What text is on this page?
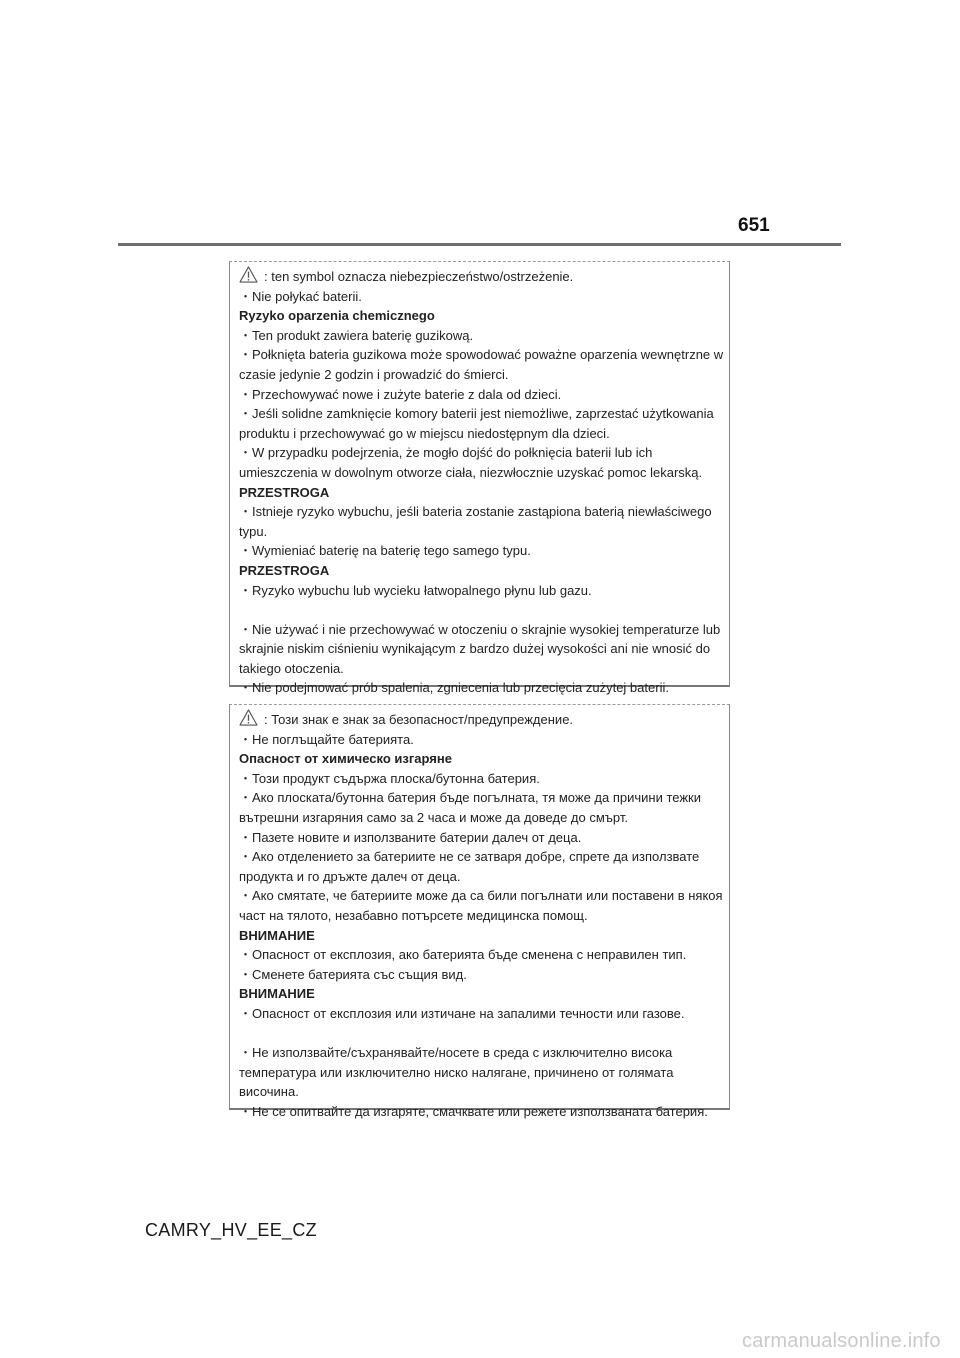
651
: ten symbol oznacza niebezpieczeństwo/ostrzeżenie.
・Nie połykać baterii.
Ryzyko oparzenia chemicznego
・Ten produkt zawiera baterię guzikową.
・Połknięta bateria guzikowa może spowodować poważne oparzenia wewnętrzne w
czasie jedynie 2 godzin i prowadzić do śmierci.
・Przechowywać nowe i zużyte baterie z dala od dzieci.
・Jeśli solidne zamknięcie komory baterii jest niemożliwe, zaprzestać użytkowania
produktu i przechowywać go w miejscu niedostępnym dla dzieci.
・W przypadku podejrzenia, że mogło dojść do połknięcia baterii lub ich
umieszczenia w dowolnym otworze ciała, niezwłocznie uzyskać pomoc lekarską.
PRZESTROGA
・Istnieje ryzyko wybuchu, jeśli bateria zostanie zastąpiona baterią niewłaściwego
typu.
・Wymieniać baterię na baterię tego samego typu.
PRZESTROGA
・Ryzyko wybuchu lub wycieku łatwopalnego płynu lub gazu.
・Nie używać i nie przechowywać w otoczeniu o skrajnie wysokiej temperaturze lub
skrajnie niskim ciśnieniu wynikającym z bardzo dużej wysokości ani nie wnosić do
takiego otoczenia.
・Nie podejmować prób spalenia, zgniecenia lub przecięcia zużytej baterii.
: Този знак е знак за безопасност/предупреждение.
・Не поглъщайте батерията.
Опасност от химическо изгаряне
・Този продукт съдържа плоска/бутонна батерия.
・Ако плоската/бутонна батерия бъде погълната, тя може да причини тежки
вътрешни изгаряния само за 2 часа и може да доведе до смърт.
・Пазете новите и използваните батерии далеч от деца.
・Ако отделението за батериите не се затваря добре, спрете да използвате
продукта и го дръжте далеч от деца.
・Ако смятате, че батериите може да са били погълнати или поставени в някоя
част на тялото, незабавно потърсете медицинска помощ.
ВНИМАНИЕ
・Опасност от експлозия, ако батерията бъде сменена с неправилен тип.
・Сменете батерията със същия вид.
ВНИМАНИЕ
・Опасност от експлозия или изтичане на запалими течности или газове.
・Не използвайте/съхранявайте/носете в среда с изключително висока
температура или изключително ниско налягане, причинено от голямата
височина.
・Не се опитвайте да изгаряте, смачквате или режете използваната батерия.
CAMRY_HV_EE_CZ
carmanualsonline.info
